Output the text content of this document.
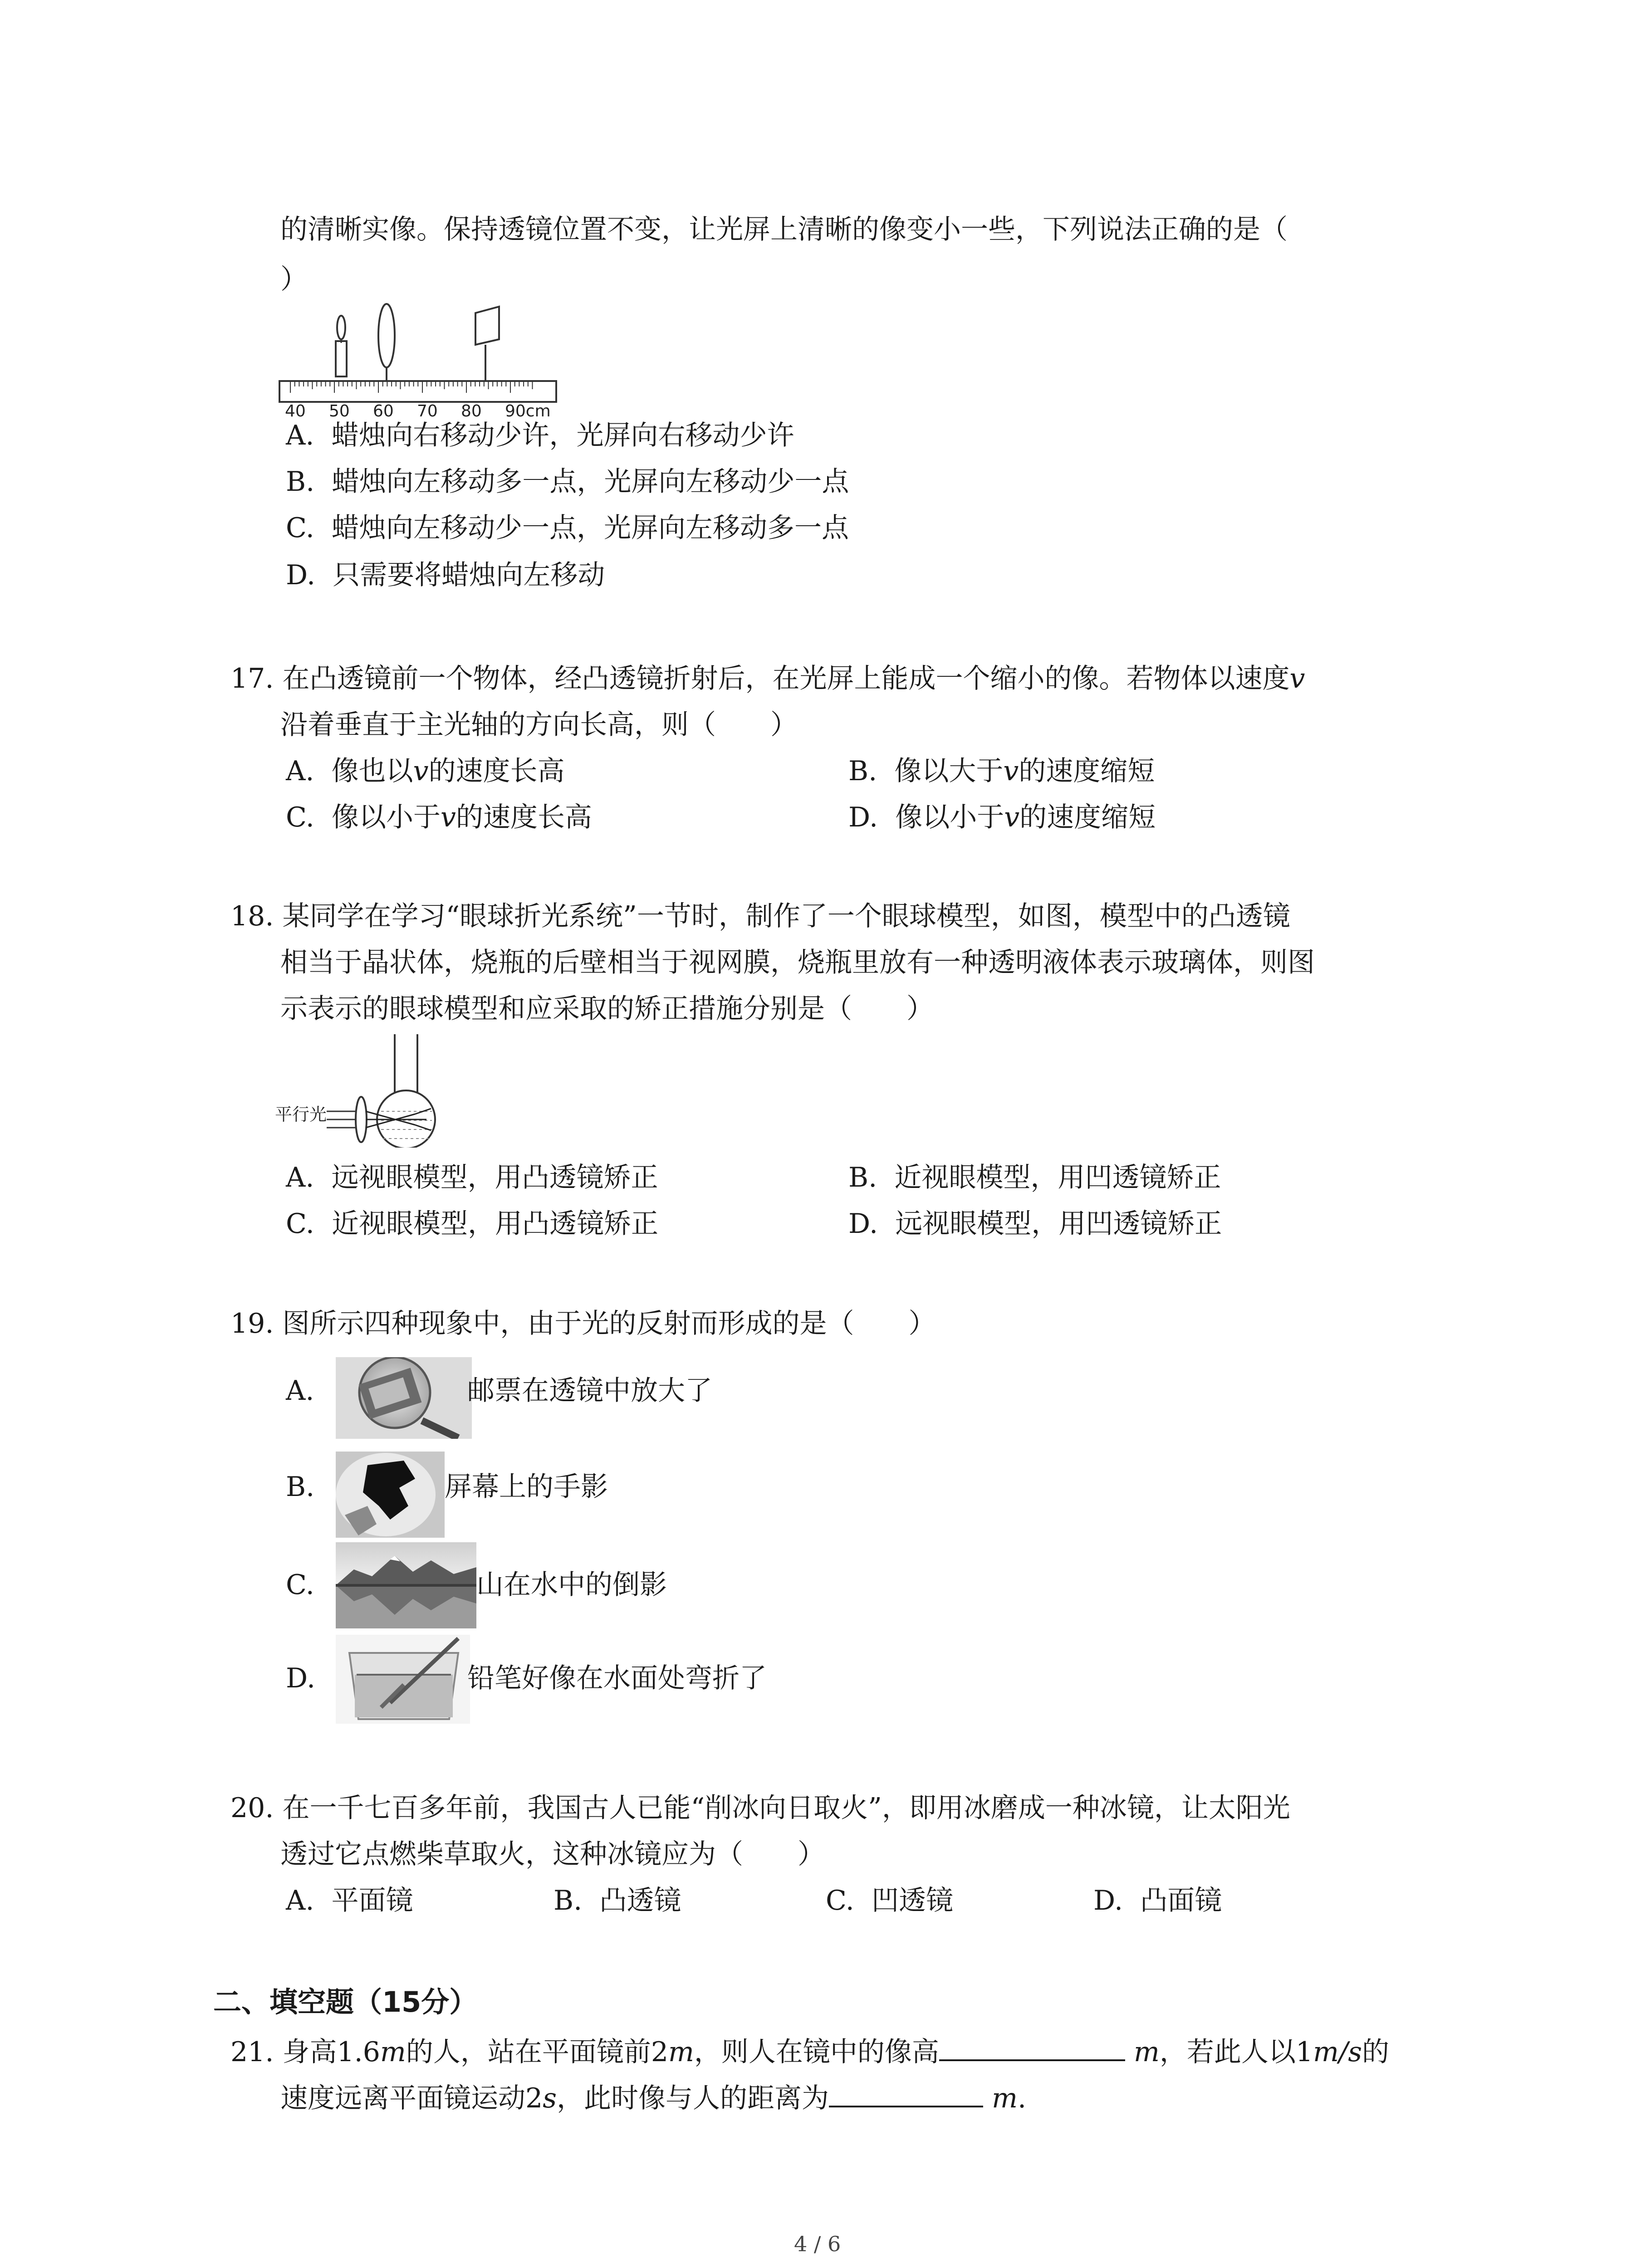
的清晰实像。保持透镜位置不变，让光屏上清晰的像变小一些，下列说法正确的是（
）
40 50 60 70 80 90cm
A. 蜡烛向右移动少许，光屏向右移动少许
B. 蜡烛向左移动多一点，光屏向左移动少一点
C. 蜡烛向左移动少一点，光屏向左移动多一点
D. 只需要将蜡烛向左移动
17. 在凸透镜前一个物体，经凸透镜折射后，在光屏上能成一个缩小的像。若物体以速度v
沿着垂直于主光轴的方向长高，则（　　）
A. 像也以v的速度长高	B. 像以大于v的速度缩短
C. 像以小于v的速度长高	D. 像以小于v的速度缩短
18. 某同学在学习“眼球折光系统”一节时，制作了一个眼球模型，如图，模型中的凸透镜
相当于晶状体，烧瓶的后壁相当于视网膜，烧瓶里放有一种透明液体表示玻璃体，则图
示表示的眼球模型和应采取的矫正措施分别是（　　）
平行光
A. 远视眼模型，用凸透镜矫正	B. 近视眼模型，用凹透镜矫正
C. 近视眼模型，用凸透镜矫正	D. 远视眼模型，用凹透镜矫正
19. 图所示四种现象中，由于光的反射而形成的是（　　）
A.	邮票在透镜中放大了
B.	屏幕上的手影
C.	山在水中的倒影
D.	铅笔好像在水面处弯折了
20. 在一千七百多年前，我国古人已能“削冰向日取火”，即用冰磨成一种冰镜，让太阳光
透过它点燃柴草取火，这种冰镜应为（　　）
A. 平面镜	B. 凸透镜	C. 凹透镜	D. 凸面镜
二、填空题（15分）
21. 身高1.6m的人，站在平面镜前2m，则人在镜中的像高	m，若此人以1m/s的
速度远离平面镜运动2s，此时像与人的距离为	m.
4 / 6
